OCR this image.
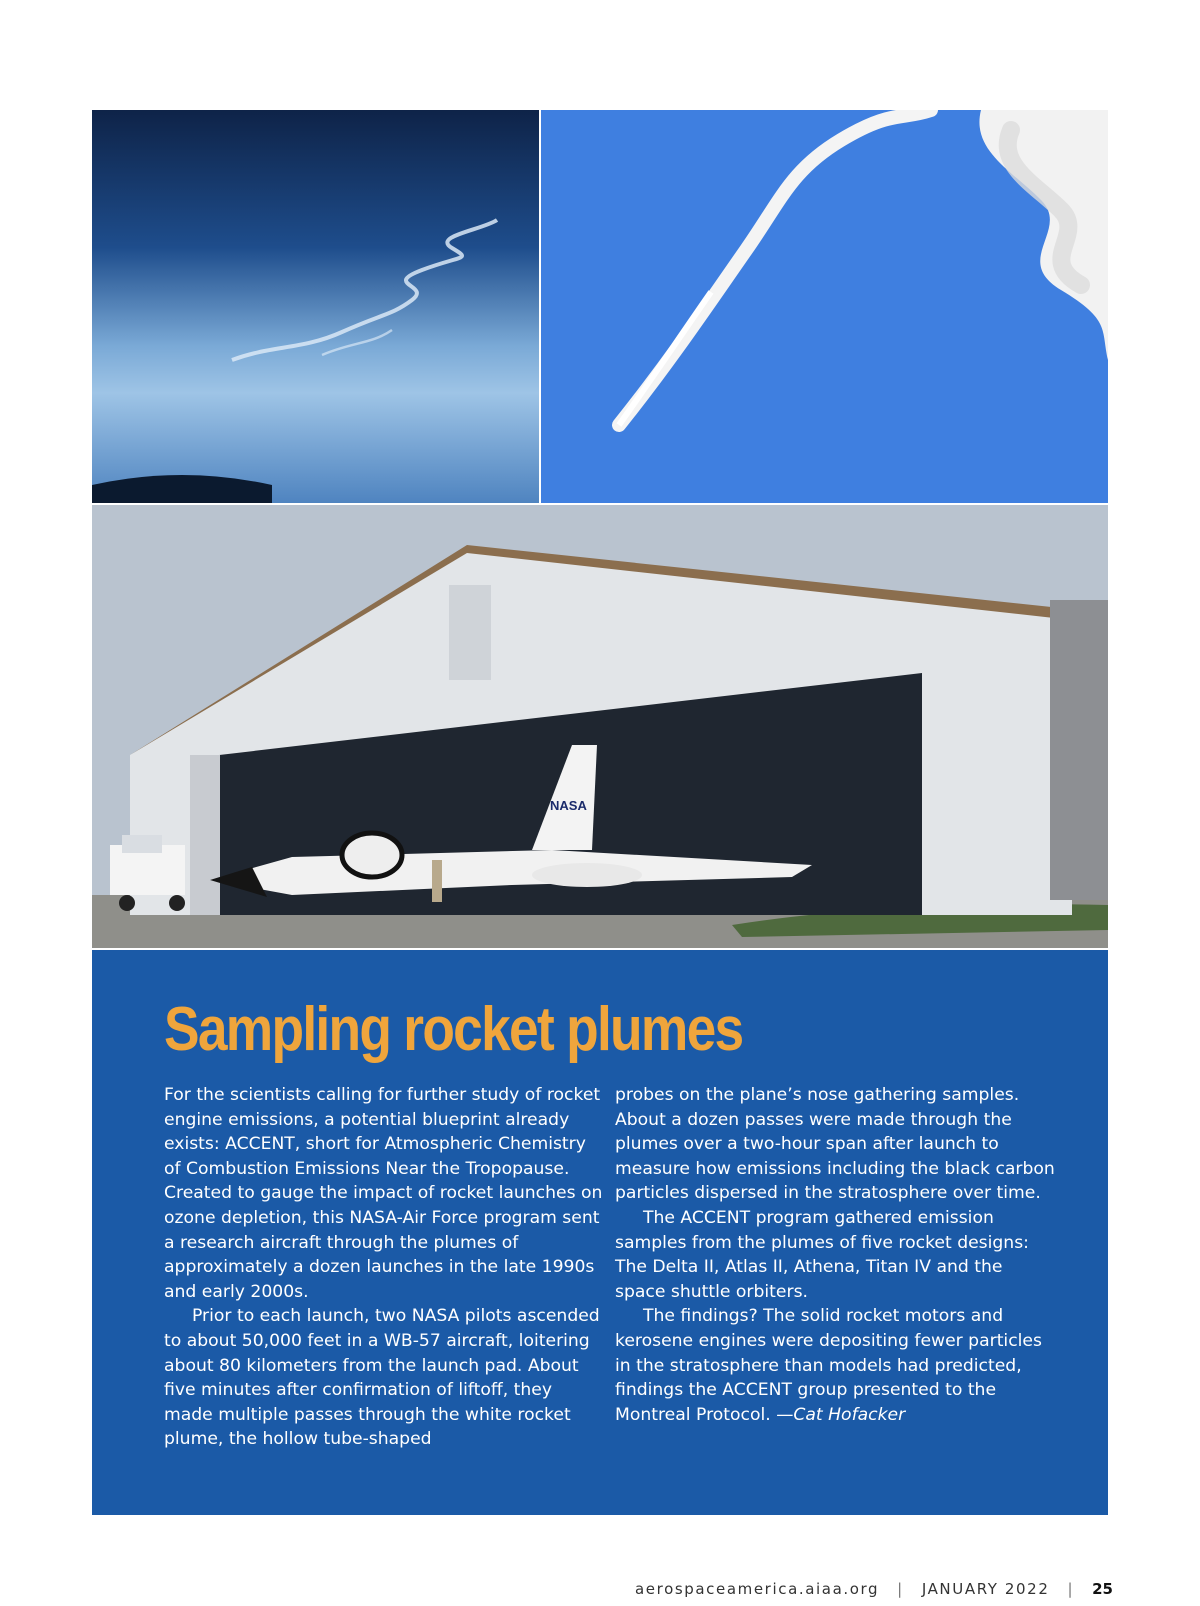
NASA
Sampling rocket plumes

For the scientists calling for further study of rocket engine emissions, a potential blueprint already exists: ACCENT, short for Atmospheric Chemistry of Combustion Emissions Near the Tropopause. Created to gauge the impact of rocket launches on ozone depletion, this NASA-Air Force program sent a research aircraft through the plumes of approximately a dozen launches in the late 1990s and early 2000s.

Prior to each launch, two NASA pilots ascended to about 50,000 feet in a WB-57 aircraft, loitering about 80 kilometers from the launch pad. About five minutes after confirmation of liftoff, they made multiple passes through the white rocket plume, the hollow tube-shaped

probes on the plane’s nose gathering samples. About a dozen passes were made through the plumes over a two-hour span after launch to measure how emissions including the black carbon particles dispersed in the stratosphere over time.

The ACCENT program gathered emission samples from the plumes of five rocket designs: The Delta II, Atlas II, Athena, Titan IV and the space shuttle orbiters.

The findings? The solid rocket motors and kerosene engines were depositing fewer particles in the stratosphere than models had predicted, findings the ACCENT group presented to the Montreal Protocol. —Cat Hofacker

aerospaceamerica.aiaa.org | JANUARY 2022 | 25
